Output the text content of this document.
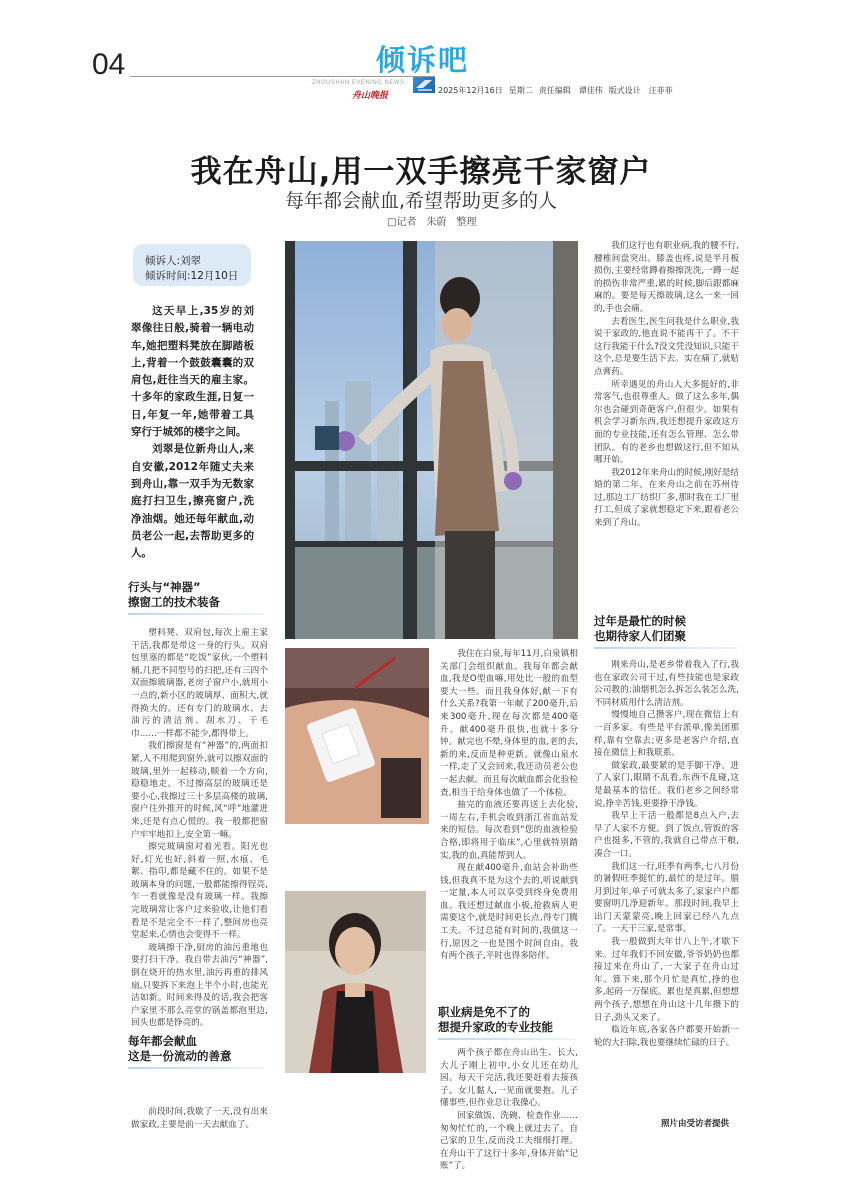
04	倾诉吧
ZHOUSHAN EVENING NEWS
舟山晚报
2025年12月16日 星期二 责任编辑　谭佳伟 版式设计　汪菲菲
我在舟山,用一双手擦亮千家窗户
每年都会献血,希望帮助更多的人
□记者　朱蔚　整理
倾诉人:刘翠
倾诉时间:12月10日

这天早上,35岁的刘翠像往日般,骑着一辆电动车,她把塑料凳放在脚踏板上,背着一个鼓鼓囊囊的双肩包,赶往当天的雇主家。十多年的家政生涯,日复一日,年复一年,她带着工具穿行于城郊的楼宇之间。

刘翠是位新舟山人,来自安徽,2012年随丈夫来到舟山,靠一双手为无数家庭打扫卫生,擦亮窗户,洗净油烟。她还每年献血,动员老公一起,去帮助更多的人。

行头与“神器”
擦窗工的技术装备

塑料凳、双肩包,每次上雇主家干活,我都是带这一身的行头。双肩包里塞的都是“吃饭”家伙,一个塑料桶,几把不同型号的扫把,还有三四个双面擦玻璃器,老房子窗户小,就用小一点的,新小区的玻璃厚、面积大,就得换大的。还有专门的玻璃水、去油污的清洁剂、刮水刀、干毛巾……一样都不能少,都得带上。

我们擦窗是有“神器”的,两面扣紧,人不用爬到窗外,就可以擦双面的玻璃,里外一起移动,顺着一个方向,稳稳地走。不过擦高层的玻璃还是要小心,我擦过三十多层高楼的玻璃,窗户往外推开的时候,风“呼”地灌进来,还是有点心慌的。我一般都把窗户牢牢地扣上,安全第一嘛。

擦完玻璃窗对着光看。阳光也好,灯光也好,斜着一照,水痕、毛絮、指印,都是藏不住的。如果不是玻璃本身的问题,一般都能擦得锃亮,乍一看就像是没有玻璃一样。我擦完玻璃常让客户过来验收,让他们看看是不是完全不一样了,整间房也亮堂起来,心情也会变得不一样。

玻璃擦干净,厨房的油污重地也要打扫干净。我自带去油污“神器”,倒在烧开的热水里,油污再重的排风扇,只要拆下来泡上半个小时,也能光洁如新。时间来得及的话,我会把客户家里不那么亮堂的锅盖都泡里边,回头也都是铮亮的。

每年都会献血
这是一份流动的善意

前段时间,我歇了一天,没有出来做家政,主要是前一天去献血了。

我住在白泉,每年11月,白泉镇相关部门会组织献血。我每年都会献血,我是O型血嘛,用处比一般的血型要大一些。而且我身体好,献一下有什么关系?我第一年献了200毫升,后来300毫升,现在每次都是400毫升。献400毫升很快,也就十多分钟。献完也不晕,身体里的血,老的去,新的来,反而是种更新。就像山泉水一样,走了又会回来,我还动员老公也一起去献。而且每次献血都会化验检查,相当于给身体也做了一个体检。

抽完的血液还要再送上去化验,一周左右,手机会收到浙江省血站发来的短信。每次看到“您的血液检验合格,即将用于临床”,心里就特别踏实,我的血,真能帮到人。

现在献400毫升,血站会补助些钱,但我真不是为这个去的,听说献到一定量,本人可以享受到终身免费用血。我还想过献血小板,抢救病人更需要这个,就是时间更长点,得专门腾工夫。不过总能有时间的,我做这一行,原因之一也是图个时间自由。我有两个孩子,平时也得多陪伴。

职业病是免不了的
想提升家政的专业技能

两个孩子都在舟山出生、长大,大儿子刚上初中,小女儿还在幼儿园。每天干完活,我还要赶着去接孩子。女儿黏人,一见面就要抱。儿子懂事些,但作业总让我操心。

回家做饭、洗碗、检查作业……匆匆忙忙的,一个晚上就过去了。自己家的卫生,反而没工夫细细打理。在舟山干了这行十多年,身体开始“记账”了。

我们这行也有职业病,我的腰不行,腰椎间盘突出。膝盖也疼,说是半月板损伤,主要经常蹲着擦擦洗洗,一蹲一起的损伤非常严重,累的时候,脚后跟都麻麻的。要是每天擦玻璃,这么一来一回的,手也会痛。

去看医生,医生问我是什么职业,我说干家政的,他直说不能再干了。不干这行我能干什么?没文凭没知识,只能干这个,总是要生活下去。实在痛了,就贴点膏药。

所幸遇见的舟山人大多挺好的,非常客气,也很尊重人。做了这么多年,偶尔也会碰到奇葩客户,但很少。如果有机会学习新东西,我还想提升家政这方面的专业技能,还有怎么管理、怎么带团队。有的老乡也想做这行,但不知从哪开始。

我2012年来舟山的时候,刚好是结婚的第二年。在来舟山之前在苏州待过,那边工厂纺织厂多,那时我在工厂里打工,但成了家就想稳定下来,跟着老公来到了舟山。

过年是最忙的时候
也期待家人们团聚

刚来舟山,是老乡带着我入了行,我也在家政公司干过,有些技能也是家政公司教的:油烟机怎么拆怎么装怎么洗,不同材质用什么清洁剂。

慢慢地自己攒客户,现在微信上有一百多家。有些是平台派单,像美团那样,靠有空靠去;更多是老客户介绍,直接在微信上和我联系。

做家政,最要紧的是手脚干净。进了人家门,眼睛不乱看,东西不乱碰,这是最基本的信任。我们老乡之间经常说,挣辛苦钱,更要挣干净钱。

我早上干活一般都是8点入户,去早了人家不方便。到了饭点,管饭的客户也挺多,不管的,我就自己带点干粮,凑合一口。

我们这一行,旺季有两季,七八月份的暑假旺季挺忙的,最忙的是过年。腊月到过年,单子可就太多了,家家户户都要窗明几净迎新年。那段时间,我早上出门天蒙蒙亮,晚上回家已经八九点了。一天干三家,是常事。

我一般做到大年廿八上午,才歇下来。过年我们不回安徽,爷爷奶奶也都接过来在舟山了,一大家子在舟山过年。算下来,那个月忙是真忙,挣的也多,起码一万保底。累也是真累,但想想两个孩子,想想在舟山这十几年攒下的日子,劲头又来了。

临近年底,各家各户都要开始新一轮的大扫除,我也要继续忙碌的日子。

照片由受访者提供
